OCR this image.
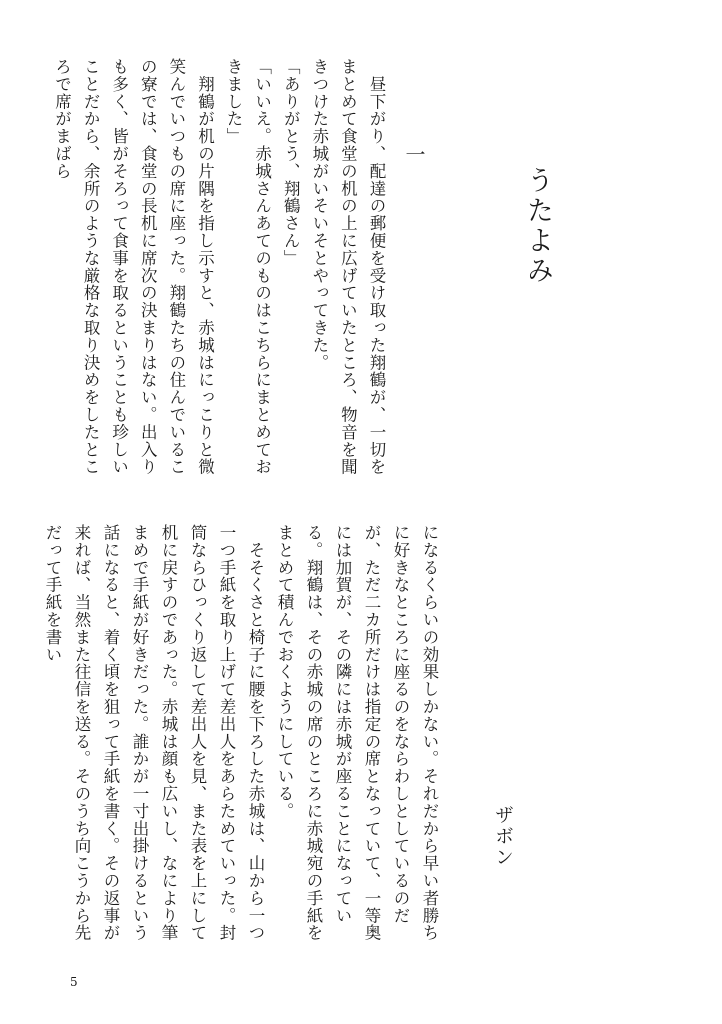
うたよみ
ザボン
一
　昼下がり、配達の郵便を受け取った翔鶴が、一切をまとめて食堂の机の上に広げていたところ、物音を聞きつけた赤城がいそいそとやってきた。
「ありがとう、翔鶴さん」
「いいえ。赤城さんあてのものはこちらにまとめておきました」
　翔鶴が机の片隅を指し示すと、赤城はにっこりと微笑んでいつもの席に座った。翔鶴たちの住んでいるこの寮では、食堂の長机に席次の決まりはない。出入りも多く、皆がそろって食事を取るということも珍しいことだから、余所のような厳格な取り決めをしたところで席がまばら
になるくらいの効果しかない。それだから早い者勝ちに好きなところに座るのをならわしとしているのだが、ただ二カ所だけは指定の席となっていて、一等奥には加賀が、その隣には赤城が座ることになっている。翔鶴は、その赤城の席のところに赤城宛の手紙をまとめて積んでおくようにしている。
　そそくさと椅子に腰を下ろした赤城は、山から一つ一つ手紙を取り上げて差出人をあらためていった。封筒ならひっくり返して差出人を見、また表を上にして机に戻すのであった。赤城は顔も広いし、なにより筆まめで手紙が好きだった。誰かが一寸出掛けるという話になると、着く頃を狙って手紙を書く。その返事が来れば、当然また往信を送る。そのうち向こうから先だって手紙を書い
5
